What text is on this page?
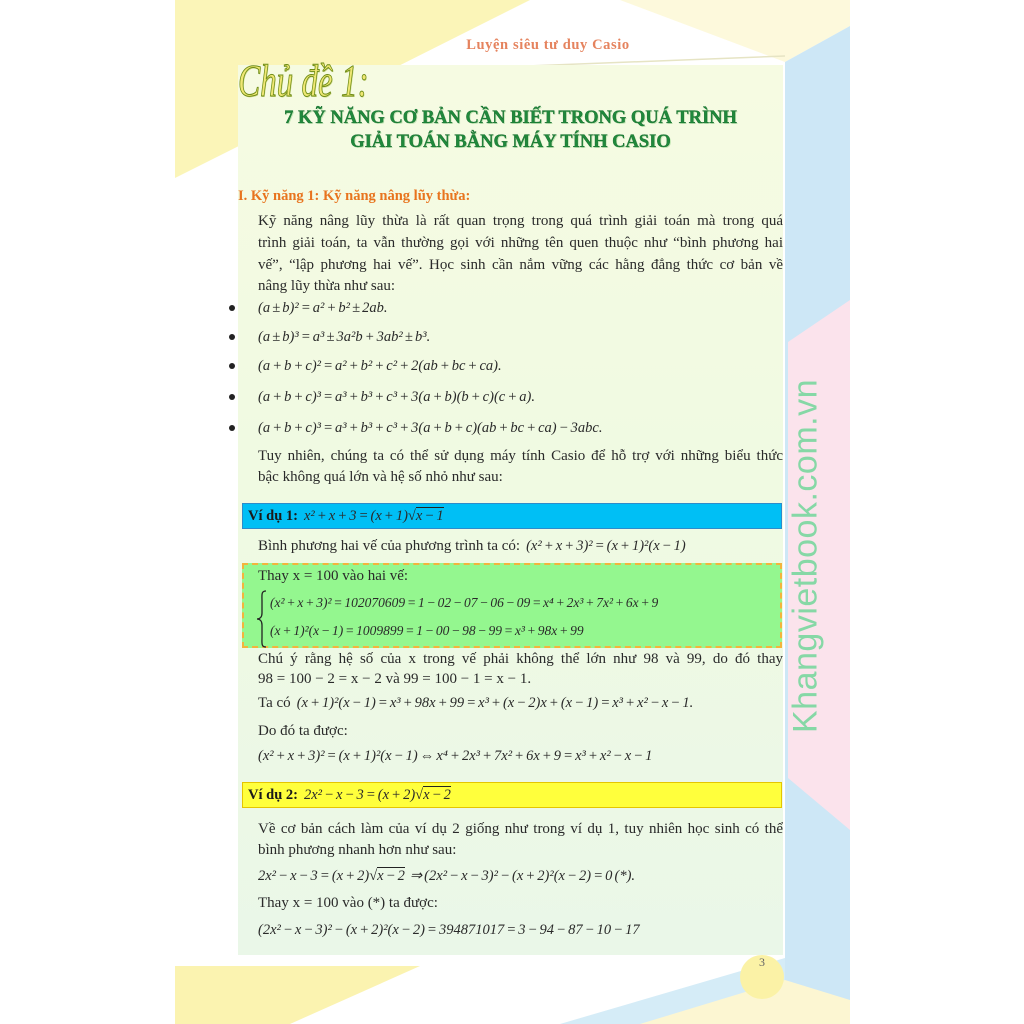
Luyện siêu tư duy Casio
Chủ đề 1:
7 KỸ NĂNG CƠ BẢN CẦN BIẾT TRONG QUÁ TRÌNH
GIẢI TOÁN BẰNG MÁY TÍNH CASIO
I. Kỹ năng 1: Kỹ năng nâng lũy thừa:
Kỹ năng nâng lũy thừa là rất quan trọng trong quá trình giải toán mà trong quá
trình giải toán, ta vẫn thường gọi với những tên quen thuộc như “bình phương hai
vế”, “lập phương hai vế”. Học sinh cần nắm vững các hằng đẳng thức cơ bản về
nâng lũy thừa như sau:
(a ± b)² = a² + b² ± 2ab.
(a ± b)³ = a³ ± 3a²b + 3ab² ± b³.
(a + b + c)² = a² + b² + c² + 2(ab + bc + ca).
(a + b + c)³ = a³ + b³ + c³ + 3(a + b)(b + c)(c + a).
(a + b + c)³ = a³ + b³ + c³ + 3(a + b + c)(ab + bc + ca) − 3abc.
Tuy nhiên, chúng ta có thể sử dụng máy tính Casio để hỗ trợ với những biểu thức
bậc không quá lớn và hệ số nhỏ như sau:
Ví dụ 1: x² + x + 3 = (x + 1)√x − 1
Bình phương hai vế của phương trình ta có: (x² + x + 3)² = (x + 1)²(x − 1)
Thay x = 100 vào hai vế:
(x² + x + 3)² = 102070609 = 1 − 02 − 07 − 06 − 09 = x⁴ + 2x³ + 7x² + 6x + 9
(x + 1)²(x − 1) = 1009899 = 1 − 00 − 98 − 99 = x³ + 98x + 99
Chú ý rằng hệ số của x trong vế phải không thể lớn như 98 và 99, do đó thay
98 = 100 − 2 = x − 2 và 99 = 100 − 1 = x − 1.
Ta có (x + 1)²(x − 1) = x³ + 98x + 99 = x³ + (x − 2)x + (x − 1) = x³ + x² − x − 1.
Do đó ta được:
(x² + x + 3)² = (x + 1)²(x − 1) ⇔ x⁴ + 2x³ + 7x² + 6x + 9 = x³ + x² − x − 1
Ví dụ 2: 2x² − x − 3 = (x + 2)√x − 2
Về cơ bản cách làm của ví dụ 2 giống như trong ví dụ 1, tuy nhiên học sinh có thể
bình phương nhanh hơn như sau:
2x² − x − 3 = (x + 2)√x − 2 ⇒ (2x² − x − 3)² − (x + 2)²(x − 2) = 0 (*).
Thay x = 100 vào (*) ta được:
(2x² − x − 3)² − (x + 2)²(x − 2) = 394871017 = 3 − 94 − 87 − 10 − 17
3
Khangvietbook.com.vn
